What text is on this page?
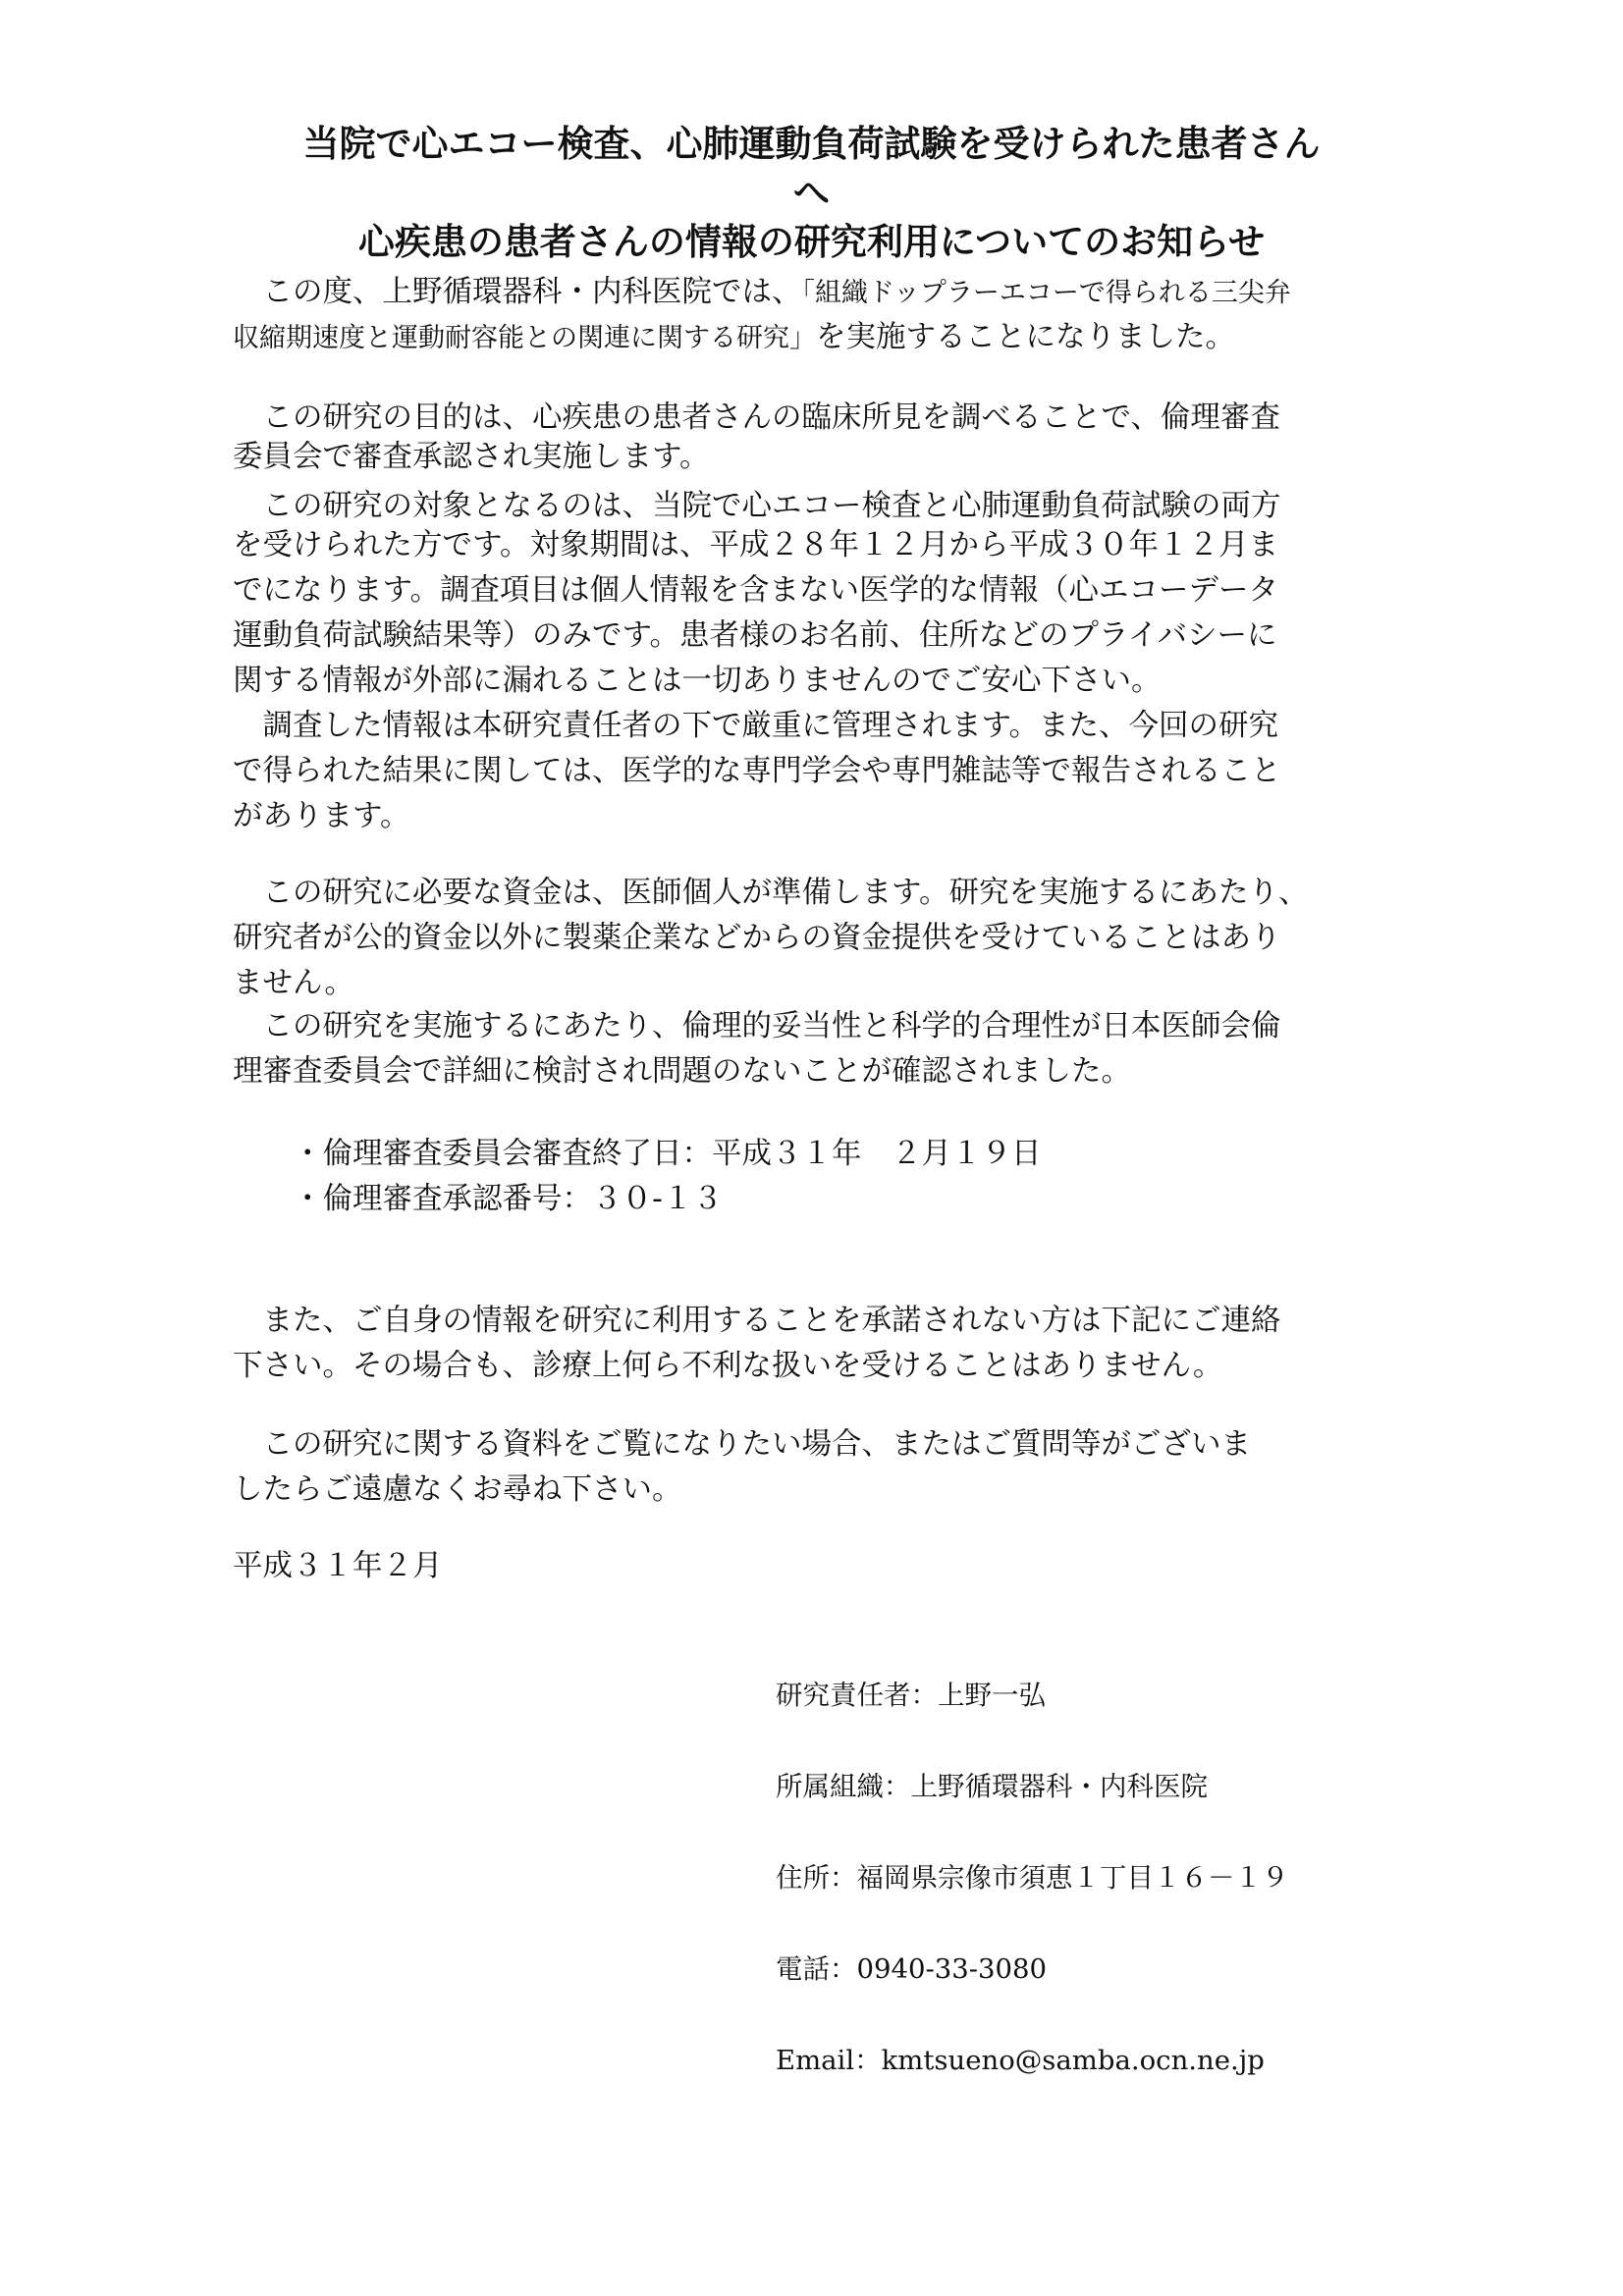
当院で心エコー検査、心肺運動負荷試験を受けられた患者さん
へ
心疾患の患者さんの情報の研究利用についてのお知らせ

　この度、上野循環器科・内科医院では、「組織ドップラーエコーで得られる三尖弁

収縮期速度と運動耐容能との関連に関する研究」を実施することになりました。

　この研究の目的は、心疾患の患者さんの臨床所見を調べることで、倫理審査

委員会で審査承認され実施します。

　この研究の対象となるのは、当院で心エコー検査と心肺運動負荷試験の両方

を受けられた方です。対象期間は、平成２８年１２月から平成３０年１２月ま

でになります。調査項目は個人情報を含まない医学的な情報（心エコーデータ

運動負荷試験結果等）のみです。患者様のお名前、住所などのプライバシーに

関する情報が外部に漏れることは一切ありませんのでご安心下さい。

　調査した情報は本研究責任者の下で厳重に管理されます。また、今回の研究

で得られた結果に関しては、医学的な専門学会や専門雑誌等で報告されること

があります。

　この研究に必要な資金は、医師個人が準備します。研究を実施するにあたり、

研究者が公的資金以外に製薬企業などからの資金提供を受けていることはあり

ません。

　この研究を実施するにあたり、倫理的妥当性と科学的合理性が日本医師会倫

理審査委員会で詳細に検討され問題のないことが確認されました。

　　・倫理審査委員会審査終了日：平成３１年　２月１９日

　　・倫理審査承認番号：３０-１３

　また、ご自身の情報を研究に利用することを承諾されない方は下記にご連絡

下さい。その場合も、診療上何ら不利な扱いを受けることはありません。

　この研究に関する資料をご覧になりたい場合、またはご質問等がございま

したらご遠慮なくお尋ね下さい。

平成３１年２月

研究責任者：上野一弘

所属組織：上野循環器科・内科医院

住所：福岡県宗像市須恵１丁目１６－１９

電話：0940-33-3080

Email：kmtsueno@samba.ocn.ne.jp
